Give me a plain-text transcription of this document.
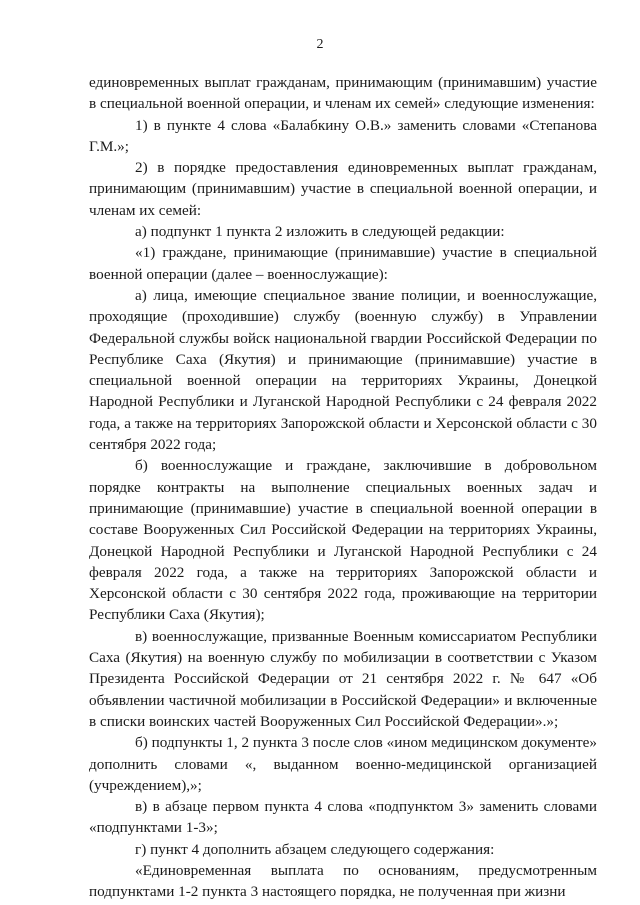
2

единовременных выплат гражданам, принимающим (принимавшим) участие в специальной военной операции, и членам их семей» следующие изменения:

1) в пункте 4 слова «Балабкину О.В.» заменить словами «Степанова Г.М.»;

2) в порядке предоставления единовременных выплат гражданам, принимающим (принимавшим) участие в специальной военной операции, и членам их семей:

а) подпункт 1 пункта 2 изложить в следующей редакции:

«1) граждане, принимающие (принимавшие) участие в специальной военной операции (далее – военнослужащие):

а) лица, имеющие специальное звание полиции, и военнослужащие, проходящие (проходившие) службу (военную службу) в Управлении Федеральной службы войск национальной гвардии Российской Федерации по Республике Саха (Якутия) и принимающие (принимавшие) участие в специальной военной операции на территориях Украины, Донецкой Народной Республики и Луганской Народной Республики с 24 февраля 2022 года, а также на территориях Запорожской области и Херсонской области с 30 сентября 2022 года;

б) военнослужащие и граждане, заключившие в добровольном порядке контракты на выполнение специальных военных задач и принимающие (принимавшие) участие в специальной военной операции в составе Вооруженных Сил Российской Федерации на территориях Украины, Донецкой Народной Республики и Луганской Народной Республики с 24 февраля 2022 года, а также на территориях Запорожской области и Херсонской области с 30 сентября 2022 года, проживающие на территории Республики Саха (Якутия);

в) военнослужащие, призванные Военным комиссариатом Республики Саха (Якутия) на военную службу по мобилизации в соответствии с Указом Президента Российской Федерации от 21 сентября 2022 г. № 647 «Об объявлении частичной мобилизации в Российской Федерации» и включенные в списки воинских частей Вооруженных Сил Российской Федерации».»;

б) подпункты 1, 2 пункта 3 после слов «ином медицинском документе» дополнить словами «, выданном военно-медицинской организацией (учреждением),»;

в) в абзаце первом пункта 4 слова «подпунктом 3» заменить словами «подпунктами 1-3»;

г) пункт 4 дополнить абзацем следующего содержания:

«Единовременная выплата по основаниям, предусмотренным подпунктами 1-2 пункта 3 настоящего порядка, не полученная при жизни
